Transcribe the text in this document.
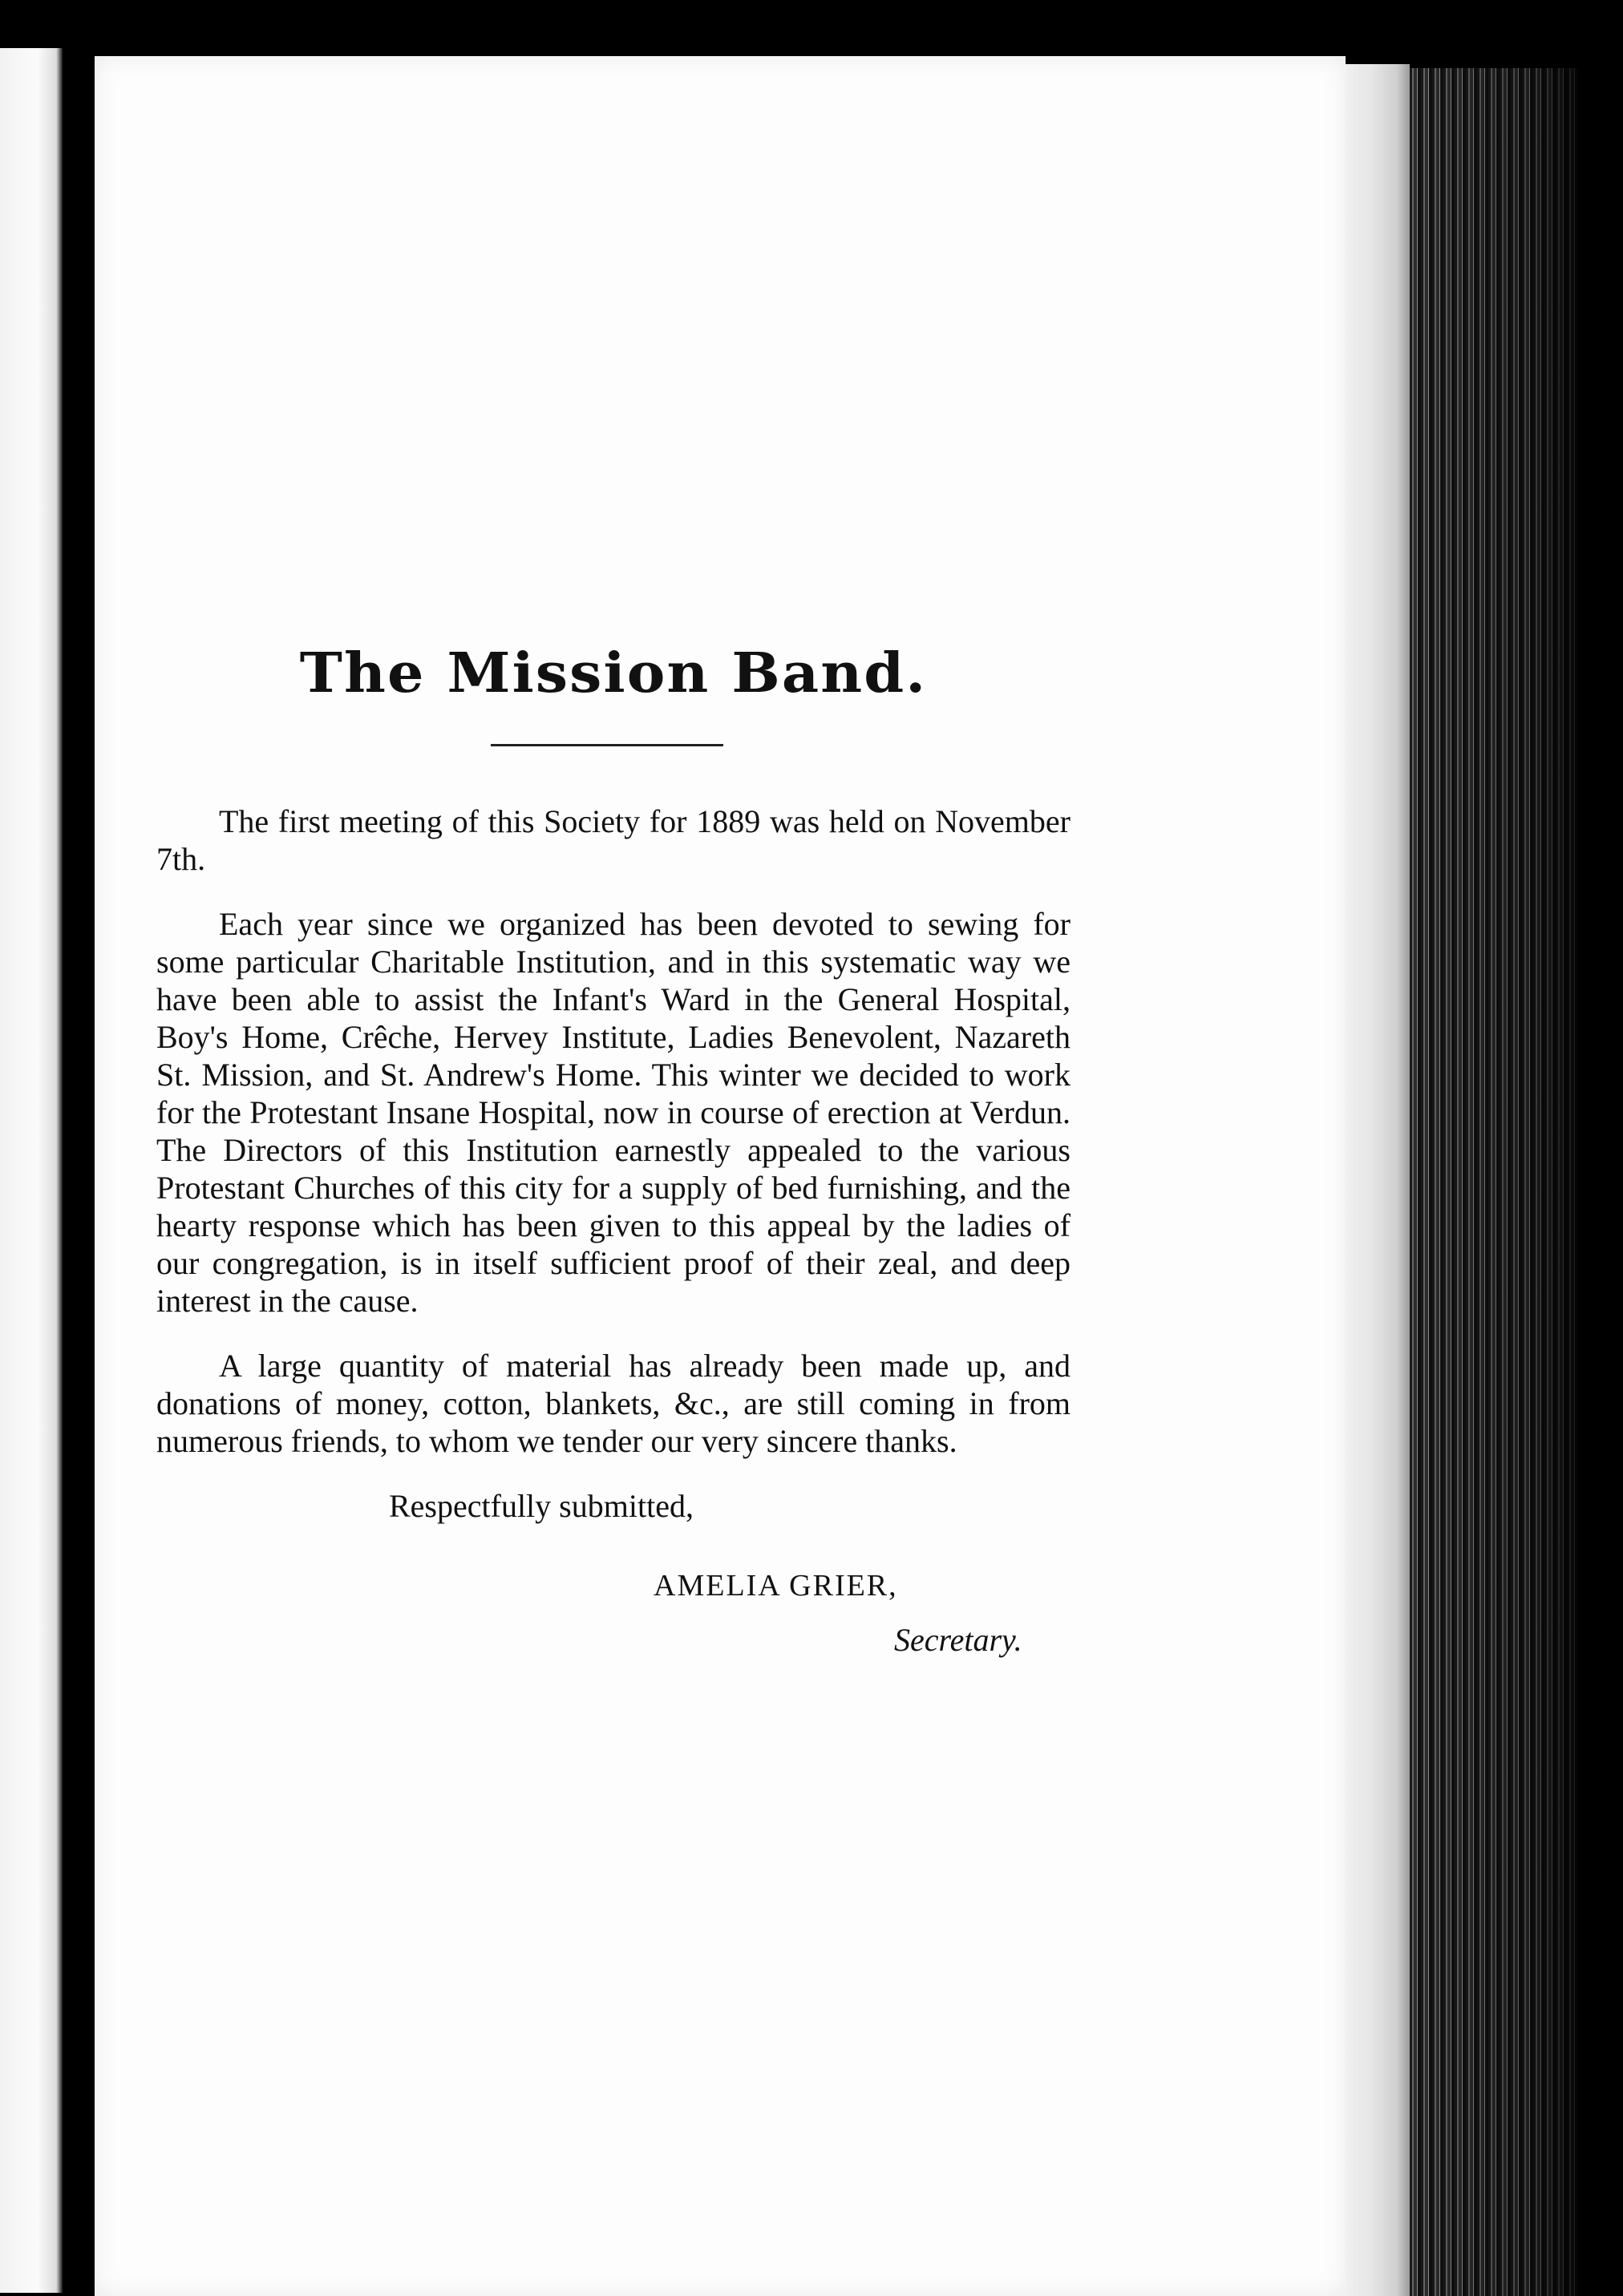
The Mission Band.

The first meeting of this Society for 1889 was held on November 7th.

Each year since we organized has been devoted to sewing for some particular Charitable Institution, and in this systematic way we have been able to assist the Infant's Ward in the General Hospital, Boy's Home, Crêche, Hervey Institute, Ladies Benevolent, Nazareth St. Mission, and St. Andrew's Home. This winter we decided to work for the Protestant Insane Hospital, now in course of erection at Verdun. The Directors of this Institution earnestly appealed to the various Protestant Churches of this city for a supply of bed furnishing, and the hearty response which has been given to this appeal by the ladies of our congregation, is in itself sufficient proof of their zeal, and deep interest in the cause.

A large quantity of material has already been made up, and donations of money, cotton, blankets, &c., are still coming in from numerous friends, to whom we tender our very sincere thanks.

Respectfully submitted,
AMELIA GRIER,
Secretary.
